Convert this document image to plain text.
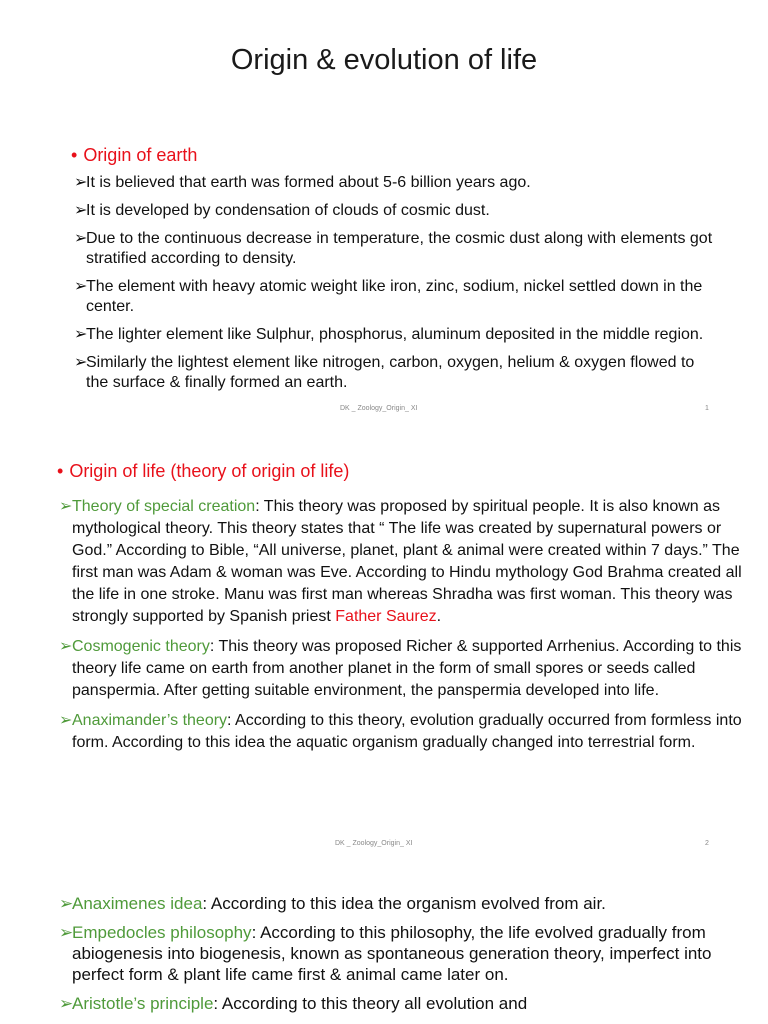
Origin & evolution of life
• Origin of earth
➢It is believed that earth was formed about 5-6 billion years ago.
➢It is developed by condensation of clouds of cosmic dust.
➢Due to the continuous decrease in temperature, the cosmic dust along with elements got stratified according to density.
➢The element with heavy atomic weight like iron, zinc, sodium, nickel settled down in the center.
➢The lighter element like Sulphur, phosphorus, aluminum deposited in the middle region.
➢Similarly the lightest element like nitrogen, carbon, oxygen, helium & oxygen flowed to the surface & finally formed an earth.
DK _ Zoology_Origin_ XI	1
• Origin of life (theory of origin of life)
➢Theory of special creation: This theory was proposed by spiritual people. It is also known as mythological theory. This theory states that “ The life was created by supernatural powers or God.” According to Bible, “All universe, planet, plant & animal were created within 7 days.” The first man was Adam & woman was Eve. According to Hindu mythology God Brahma created all the life in one stroke. Manu was first man whereas Shradha was first woman. This theory was strongly supported by Spanish priest Father Saurez.
➢Cosmogenic theory: This theory was proposed Richer & supported Arrhenius. According to this theory life came on earth from another planet in the form of small spores or seeds called panspermia. After getting suitable environment, the panspermia developed into life.
➢Anaximander’s theory: According to this theory, evolution gradually occurred from formless into form. According to this idea the aquatic organism gradually changed into terrestrial form.
DK _ Zoology_Origin_ XI	2
➢Anaximenes idea: According to this idea the organism evolved from air.
➢Empedocles philosophy: According to this philosophy, the life evolved gradually from abiogenesis into biogenesis, known as spontaneous generation theory, imperfect into perfect form & plant life came first & animal came later on.
➢Aristotle’s principle: According to this theory all evolution and
